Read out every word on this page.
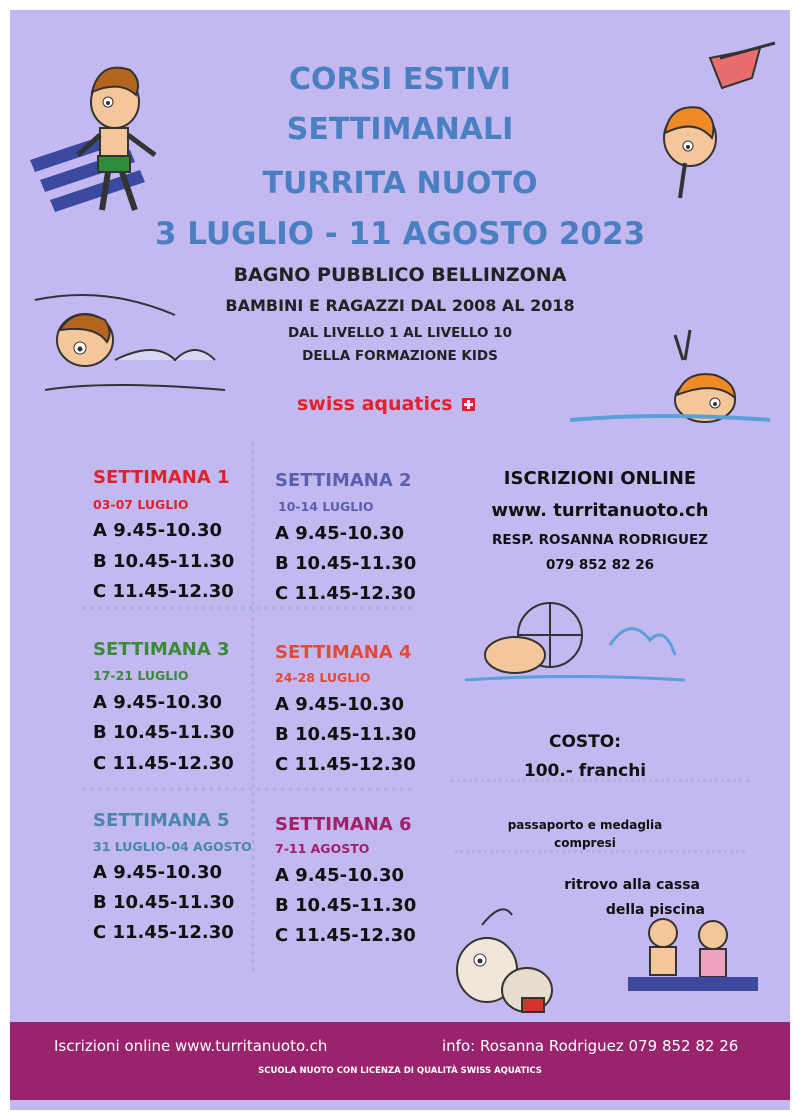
CORSI ESTIVI
SETTIMANALI
TURRITA NUOTO
3 LUGLIO - 11 AGOSTO 2023
BAGNO PUBBLICO BELLINZONA
BAMBINI E RAGAZZI DAL 2008 AL 2018
DAL LIVELLO 1 AL LIVELLO 10
DELLA FORMAZIONE KIDS
swiss aquatics
SETTIMANA 1
03-07 LUGLIO
A 9.45-10.30
B 10.45-11.30
C 11.45-12.30
SETTIMANA 2
10-14 LUGLIO
A 9.45-10.30
B 10.45-11.30
C 11.45-12.30
SETTIMANA 3
17-21 LUGLIO
A 9.45-10.30
B 10.45-11.30
C 11.45-12.30
SETTIMANA 4
24-28 LUGLIO
A 9.45-10.30
B 10.45-11.30
C 11.45-12.30
SETTIMANA 5
31 LUGLIO-04 AGOSTO
A 9.45-10.30
B 10.45-11.30
C 11.45-12.30
SETTIMANA 6
7-11 AGOSTO
A 9.45-10.30
B 10.45-11.30
C 11.45-12.30
ISCRIZIONI ONLINE
www. turritanuoto.ch
RESP. ROSANNA RODRIGUEZ
079 852 82 26
COSTO:
100.- franchi
passaporto e medaglia
compresi
ritrovo alla cassa
della piscina
Iscrizioni online www.turritanuoto.ch	info: Rosanna Rodriguez 079 852 82 26
SCUOLA NUOTO CON LICENZA DI QUALITÀ SWISS AQUATICS
